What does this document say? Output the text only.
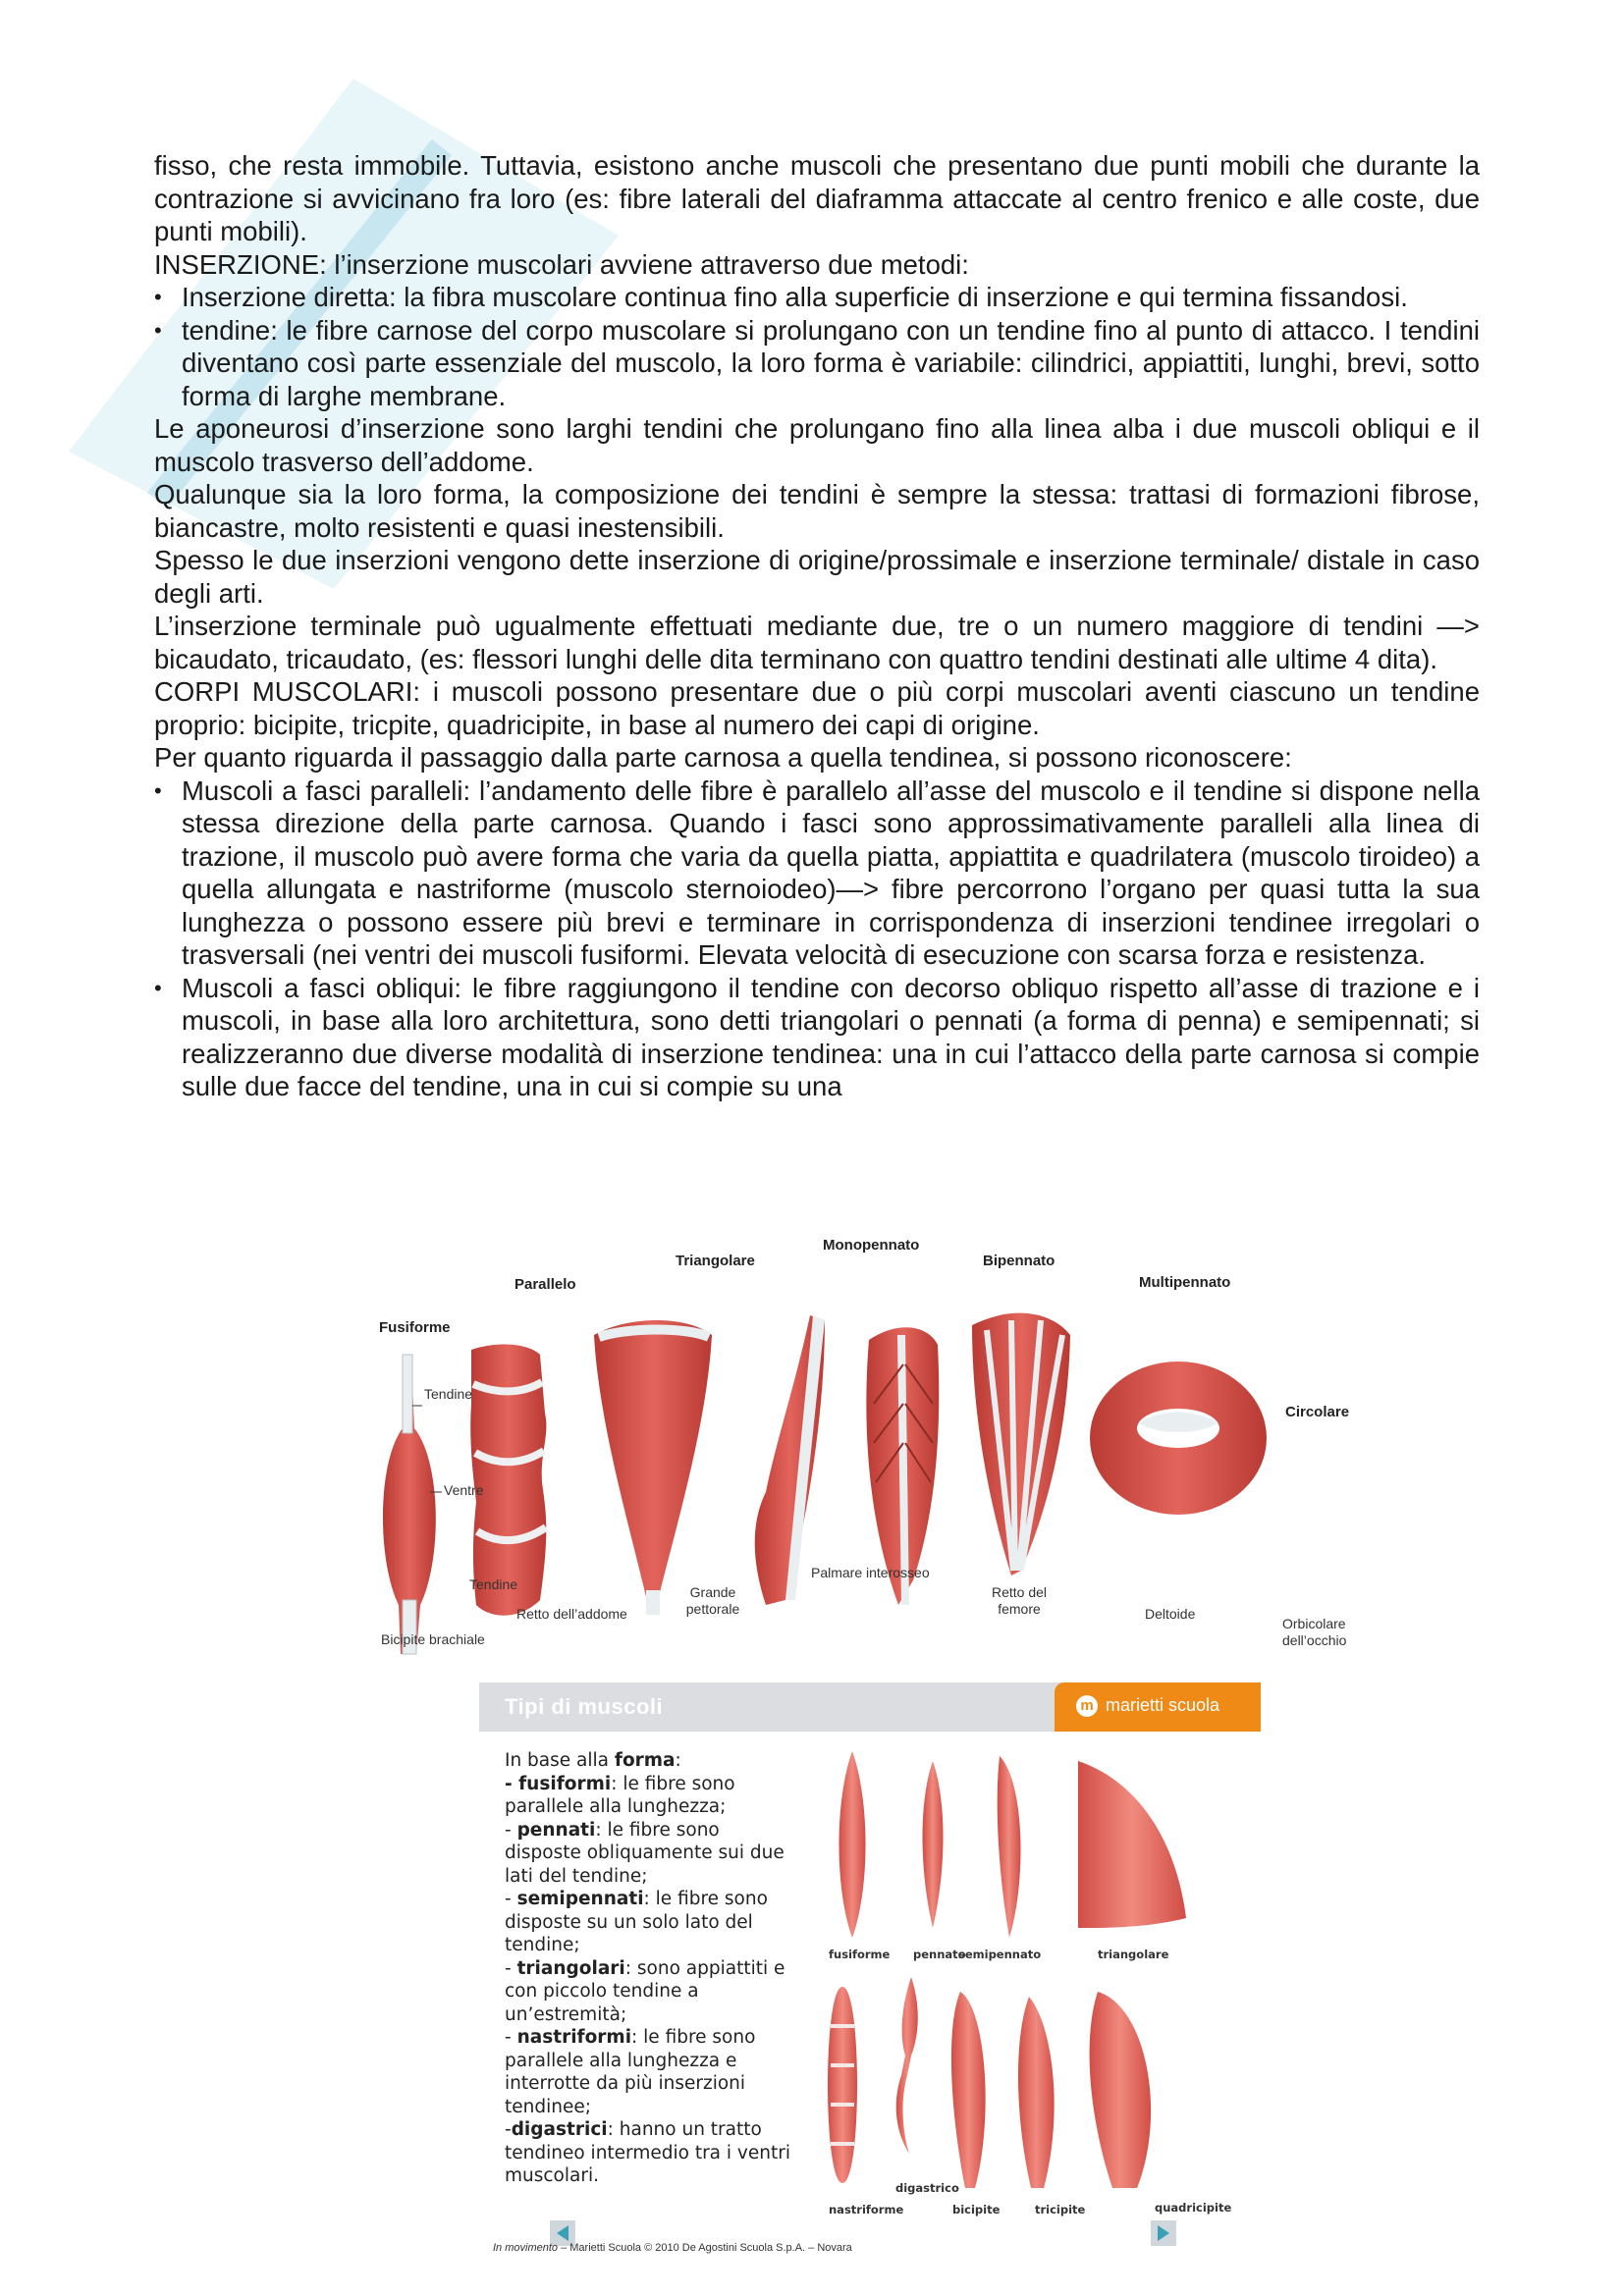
fisso, che resta immobile. Tuttavia, esistono anche muscoli che presentano due punti mobili che durante la contrazione si avvicinano fra loro (es: fibre laterali del diaframma attaccate al centro frenico e alle coste, due punti mobili).

INSERZIONE: l’inserzione muscolari avviene attraverso due metodi:

• Inserzione diretta: la fibra muscolare continua fino alla superficie di inserzione e qui termina fissandosi.
• tendine: le fibre carnose del corpo muscolare si prolungano con un tendine fino al punto di attacco. I tendini diventano così parte essenziale del muscolo, la loro forma è variabile: cilindrici, appiattiti, lunghi, brevi, sotto forma di larghe membrane.

Le aponeurosi d’inserzione sono larghi tendini che prolungano fino alla linea alba i due muscoli obliqui e il muscolo trasverso dell’addome.

Qualunque sia la loro forma, la composizione dei tendini è sempre la stessa: trattasi di formazioni fibrose, biancastre, molto resistenti e quasi inestensibili.

Spesso le due inserzioni vengono dette inserzione di origine/prossimale e inserzione terminale/ distale in caso degli arti.

L’inserzione terminale può ugualmente effettuati mediante due, tre o un numero maggiore di tendini —> bicaudato, tricaudato, (es: flessori lunghi delle dita terminano con quattro tendini destinati alle ultime 4 dita).

CORPI MUSCOLARI: i muscoli possono presentare due o più corpi muscolari aventi ciascuno un tendine proprio: bicipite, tricpite, quadricipite, in base al numero dei capi di origine.

Per quanto riguarda il passaggio dalla parte carnosa a quella tendinea, si possono riconoscere:

• Muscoli a fasci paralleli: l’andamento delle fibre è parallelo all’asse del muscolo e il tendine si dispone nella stessa direzione della parte carnosa. Quando i fasci sono approssimativamente paralleli alla linea di trazione, il muscolo può avere forma che varia da quella piatta, appiattita e quadrilatera (muscolo tiroideo) a quella allungata e nastriforme (muscolo sternoiodeo)—> fibre percorrono l’organo per quasi tutta la sua lunghezza o possono essere più brevi e terminare in corrispondenza di inserzioni tendinee irregolari o trasversali (nei ventri dei muscoli fusiformi. Elevata velocità di esecuzione con scarsa forza e resistenza.
• Muscoli a fasci obliqui: le fibre raggiungono il tendine con decorso obliquo rispetto all’asse di trazione e i muscoli, in base alla loro architettura, sono detti triangolari o pennati (a forma di penna) e semipennati; si realizzeranno due diverse modalità di inserzione tendinea: una in cui l’attacco della parte carnosa si compie sulle due facce del tendine, una in cui si compie su una
Fusiforme
Parallelo
Triangolare
Monopennato
Bipennato
Multipennato
Circolare
Tendine
Ventre
Tendine
Bicipite brachiale
Retto dell’addome
Grande pettorale
Palmare interosseo
Retto del femore	Deltoide
Orbicolare dell’occhio
Tipi di muscoli	m marietti scuola

In base alla forma:

- fusiformi: le fibre sono parallele alla lunghezza;

- pennati: le fibre sono disposte obliquamente sui due lati del tendine;

- semipennati: le fibre sono disposte su un solo lato del tendine;

- triangolari: sono appiattiti e con piccolo tendine a un’estremità;

- nastriformi: le fibre sono parallele alla lunghezza e interrotte da più inserzioni tendinee;

-digastrici: hanno un tratto tendineo intermedio tra i ventri muscolari.

fusiforme pennato
semipennato	triangolare
digastrico
nastriforme	bicipite	tricipite	quadricipite
In movimento – Marietti Scuola © 2010 De Agostini Scuola S.p.A. – Novara
